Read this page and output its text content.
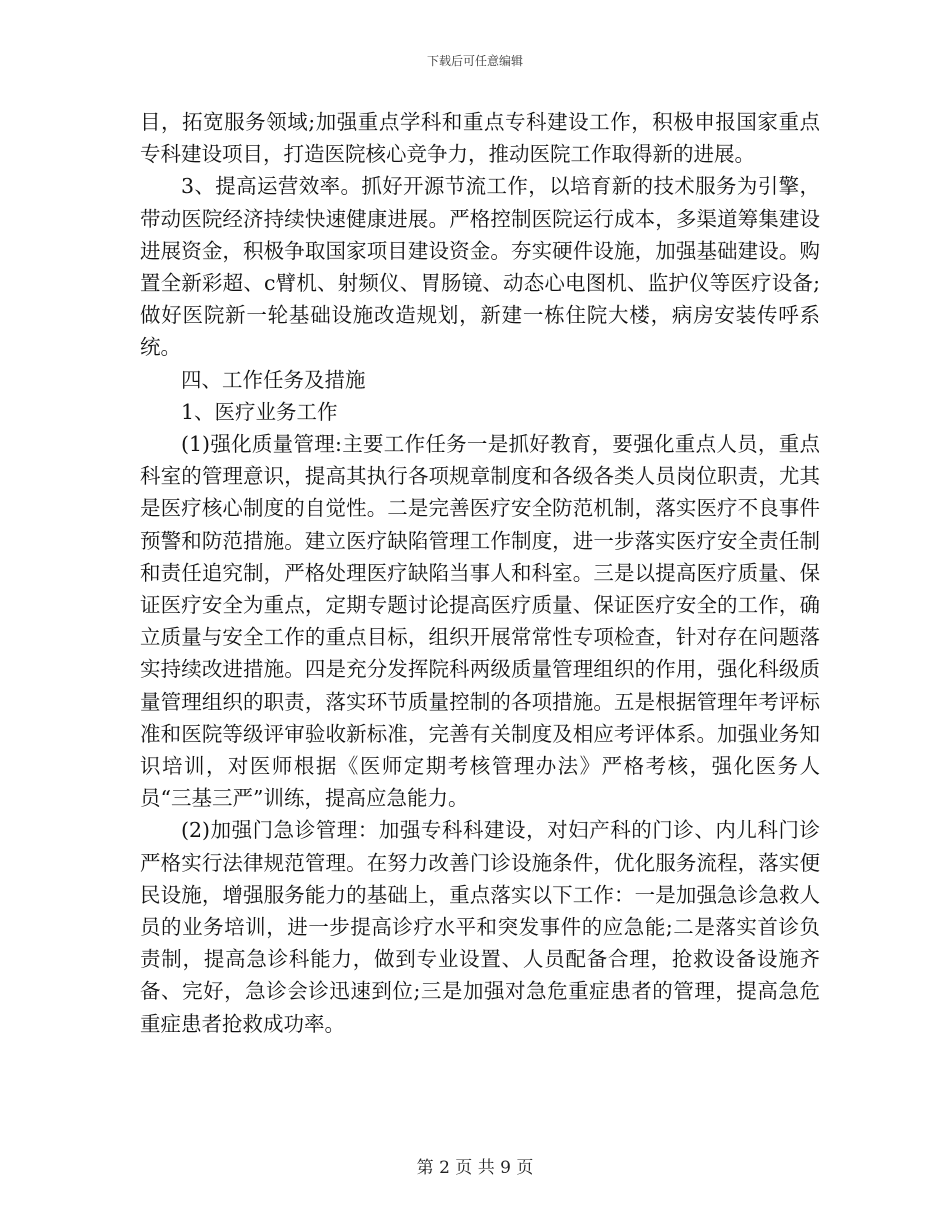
下载后可任意编辑

目，拓宽服务领域;加强重点学科和重点专科建设工作，积极申报国家重点专科建设项目，打造医院核心竞争力，推动医院工作取得新的进展。

3、提高运营效率。抓好开源节流工作，以培育新的技术服务为引擎，带动医院经济持续快速健康进展。严格控制医院运行成本，多渠道筹集建设进展资金，积极争取国家项目建设资金。夯实硬件设施，加强基础建设。购置全新彩超、c臂机、射频仪、胃肠镜、动态心电图机、监护仪等医疗设备;做好医院新一轮基础设施改造规划，新建一栋住院大楼，病房安装传呼系统。

四、工作任务及措施

1、医疗业务工作

(1)强化质量管理:主要工作任务一是抓好教育，要强化重点人员，重点科室的管理意识，提高其执行各项规章制度和各级各类人员岗位职责，尤其是医疗核心制度的自觉性。二是完善医疗安全防范机制，落实医疗不良事件预警和防范措施。建立医疗缺陷管理工作制度，进一步落实医疗安全责任制和责任追究制，严格处理医疗缺陷当事人和科室。三是以提高医疗质量、保证医疗安全为重点，定期专题讨论提高医疗质量、保证医疗安全的工作，确立质量与安全工作的重点目标，组织开展常常性专项检查，针对存在问题落实持续改进措施。四是充分发挥院科两级质量管理组织的作用，强化科级质量管理组织的职责，落实环节质量控制的各项措施。五是根据管理年考评标准和医院等级评审验收新标准，完善有关制度及相应考评体系。加强业务知识培训，对医师根据《医师定期考核管理办法》严格考核，强化医务人员“三基三严”训练，提高应急能力。

(2)加强门急诊管理：加强专科科建设，对妇产科的门诊、内儿科门诊严格实行法律规范管理。在努力改善门诊设施条件，优化服务流程，落实便民设施，增强服务能力的基础上，重点落实以下工作：一是加强急诊急救人员的业务培训，进一步提高诊疗水平和突发事件的应急能;二是落实首诊负责制，提高急诊科能力，做到专业设置、人员配备合理，抢救设备设施齐备、完好，急诊会诊迅速到位;三是加强对急危重症患者的管理，提高急危重症患者抢救成功率。

第 2 页 共 9 页
